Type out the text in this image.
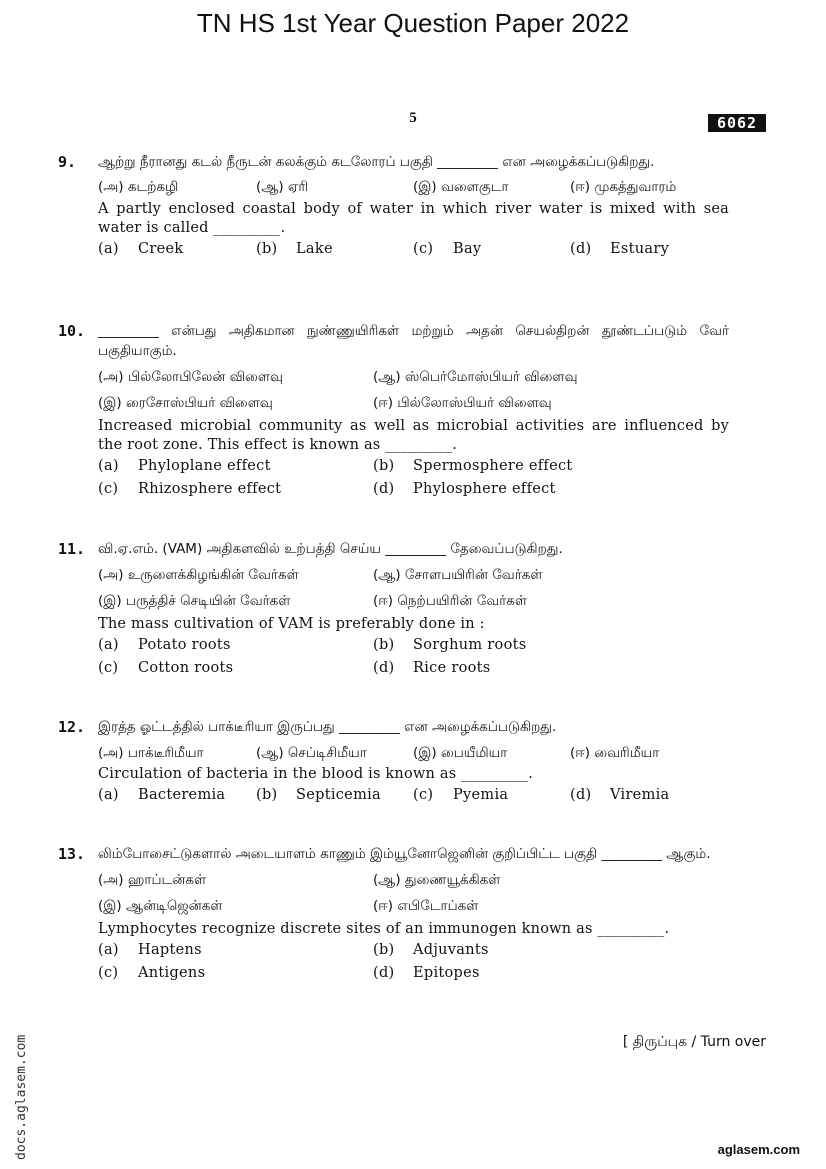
TN HS 1st Year Question Paper 2022
5	6062
9.	ஆற்று நீரானது கடல் நீருடன் கலக்கும் கடலோரப் பகுதி _________ என அழைக்கப்படுகிறது.

(அ) கடற்கழி	(ஆ) ஏரி	(இ) வளைகுடா	(ஈ) முகத்துவாரம்

A partly enclosed coastal body of water in which river water is mixed with sea water is called _________.

(a) Creek	(b) Lake	(c) Bay	(d) Estuary
10. _________ என்பது அதிகமான நுண்ணுயிரிகள் மற்றும் அதன் செயல்திறன் தூண்டப்படும் வேர் பகுதியாகும்.

(அ) பில்லோபிலேன் விளைவு	(ஆ) ஸ்பெர்மோஸ்பியர் விளைவு
(இ) ரைசோஸ்பியர் விளைவு	(ஈ) பில்லோஸ்பியர் விளைவு

Increased microbial community as well as microbial activities are influenced by the root zone. This effect is known as _________.

(a) Phyloplane effect	(b) Spermosphere effect
(c) Rhizosphere effect	(d) Phylosphere effect
11. வி.ஏ.எம். (VAM) அதிகளவில் உற்பத்தி செய்ய _________ தேவைப்படுகிறது.

(அ) உருளைக்கிழங்கின் வேர்கள்	(ஆ) சோளபயிரின் வேர்கள்
(இ) பருத்திச் செடியின் வேர்கள்	(ஈ) நெற்பயிரின் வேர்கள்

The mass cultivation of VAM is preferably done in :

(a) Potato roots	(b) Sorghum roots
(c) Cotton roots	(d) Rice roots
12. இரத்த ஓட்டத்தில் பாக்டீரியா இருப்பது _________ என அழைக்கப்படுகிறது.

(அ) பாக்டீரிமீயா	(ஆ) செப்டிசிமீயா	(இ) பையீமியா	(ஈ) வைரிமீயா

Circulation of bacteria in the blood is known as _________.

(a) Bacteremia (b) Septicemia (c) Pyemia	(d) Viremia
13. லிம்போசைட்டுகளால் அடையாளம் காணும் இம்யூனோஜெனின் குறிப்பிட்ட பகுதி _________ ஆகும்.

(அ) ஹாப்டன்கள்	(ஆ) துணையூக்கிகள்
(இ) ஆன்டிஜென்கள்	(ஈ) எபிடோப்கள்

Lymphocytes recognize discrete sites of an immunogen known as _________.

(a) Haptens	(b) Adjuvants
(c) Antigens	(d) Epitopes
[ திருப்புக / Turn over
docs.aglasem.com	aglasem.com
